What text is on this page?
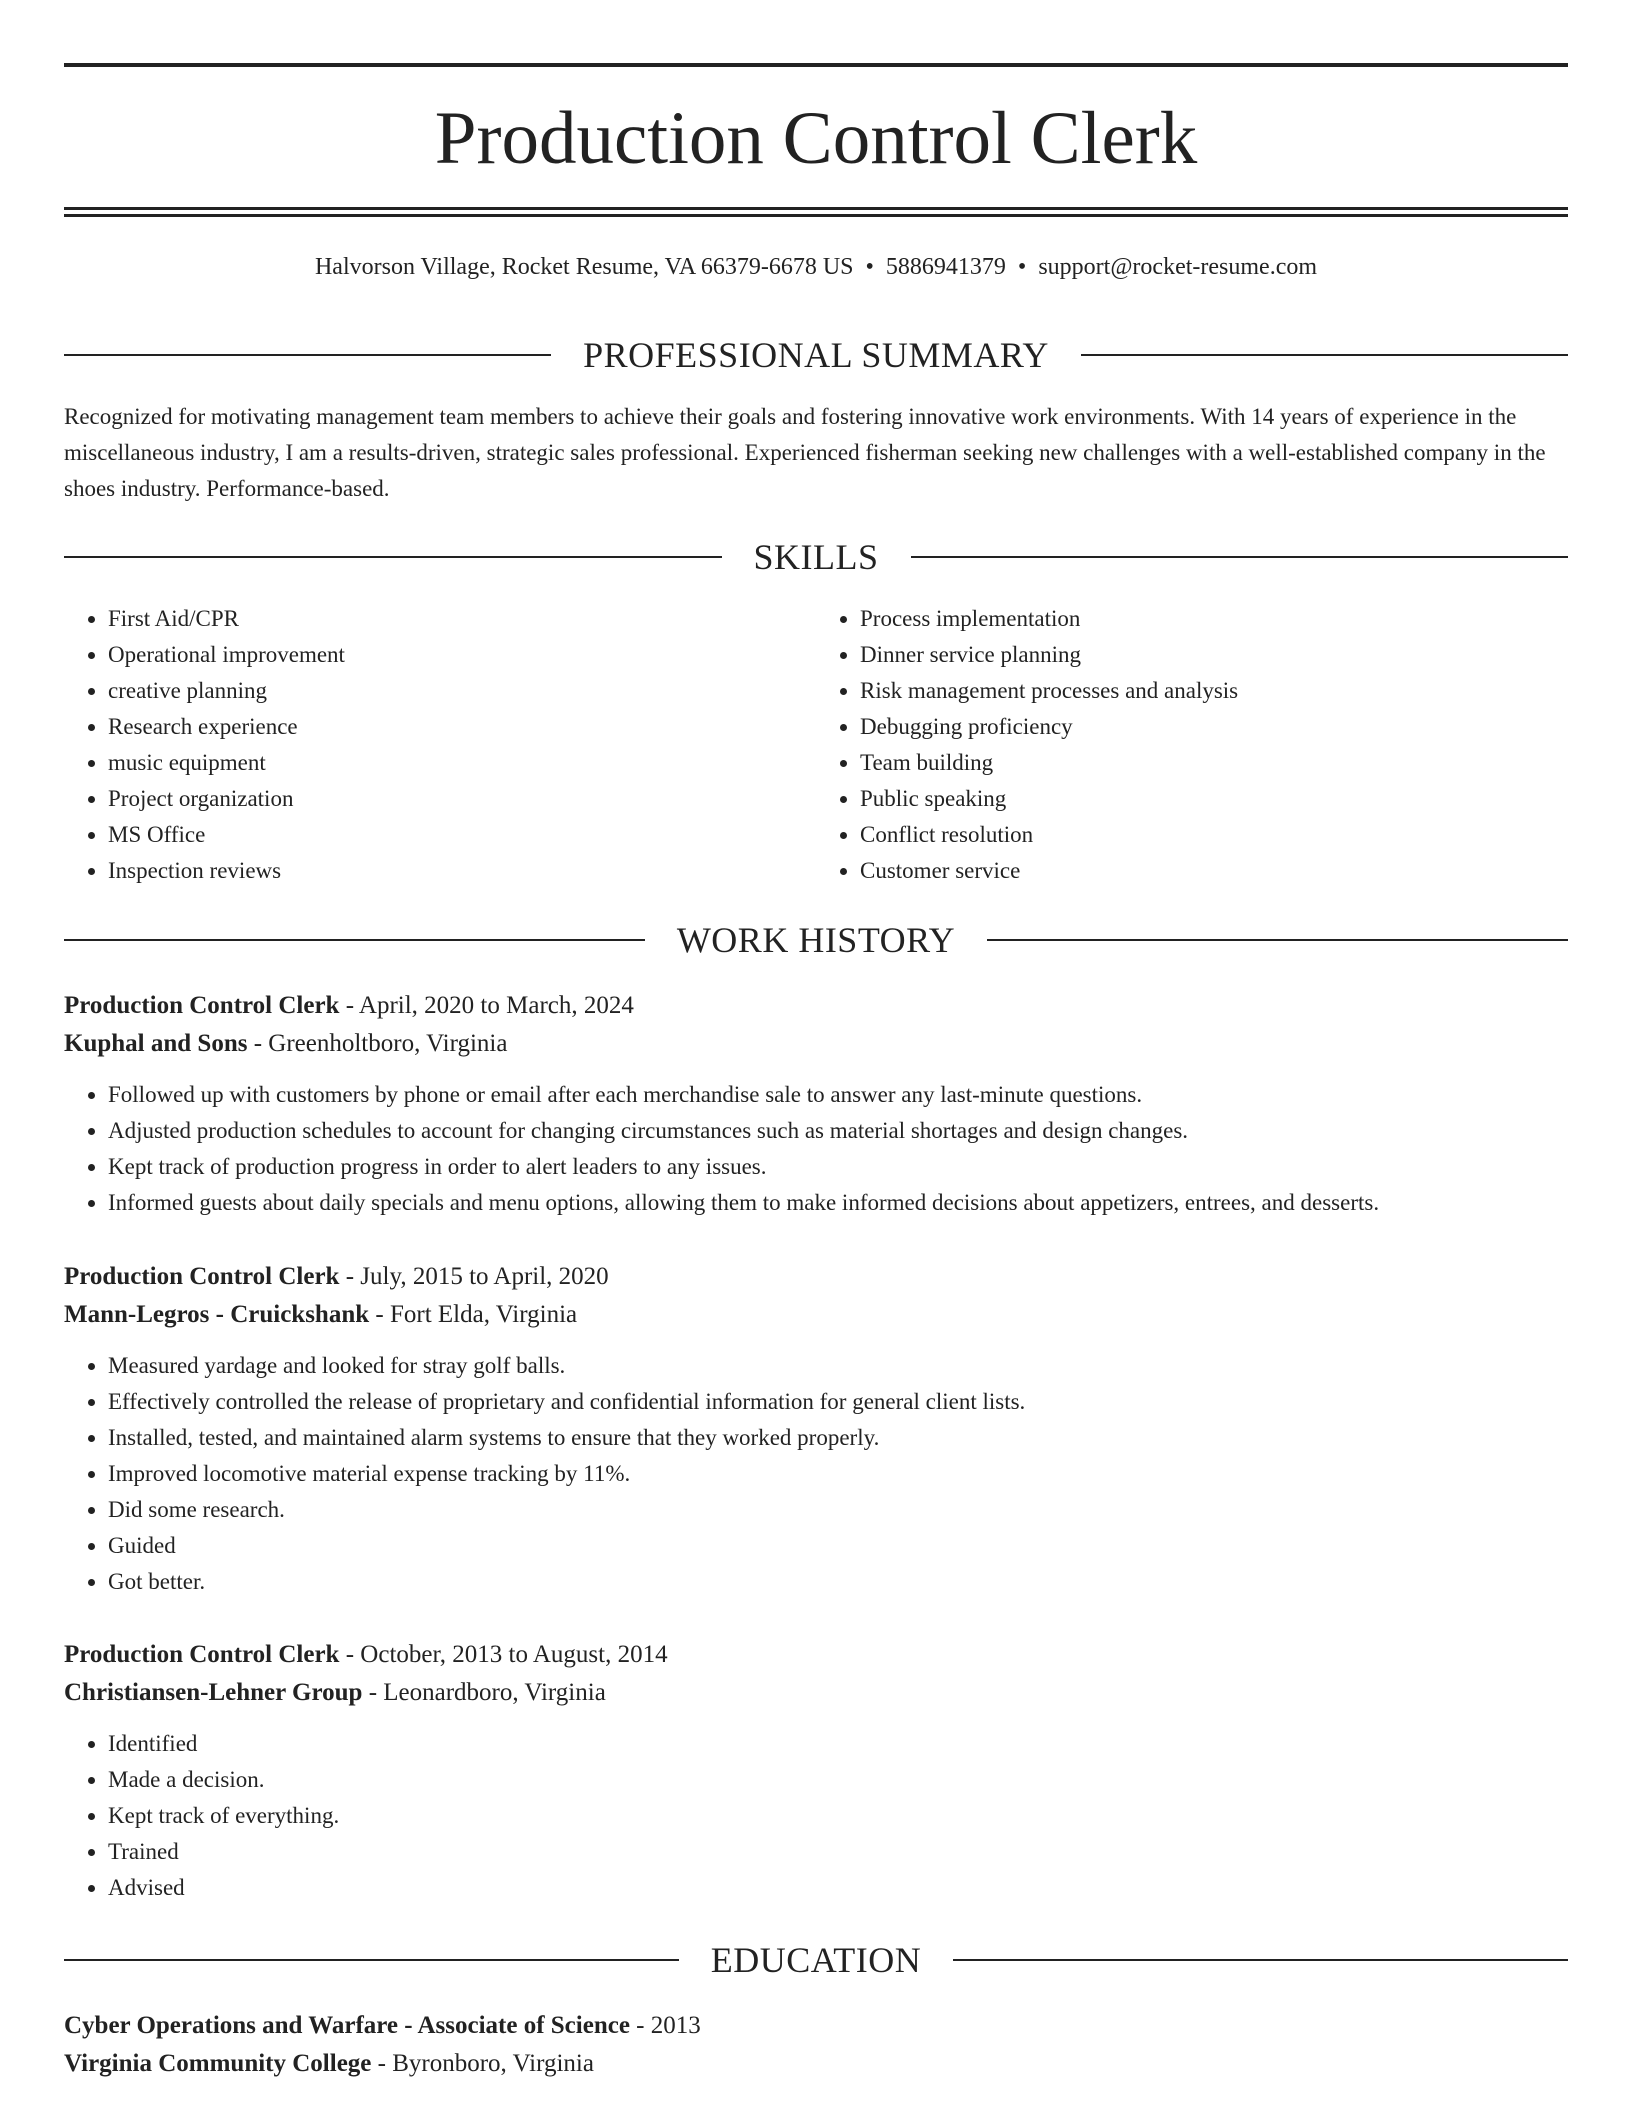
Production Control Clerk
Halvorson Village, Rocket Resume, VA 66379-6678 US • 5886941379 • support@rocket-resume.com
PROFESSIONAL SUMMARY

Recognized for motivating management team members to achieve their goals and fostering innovative work environments. With 14 years of experience in the miscellaneous industry, I am a results-driven, strategic sales professional. Experienced fisherman seeking new challenges with a well-established company in the shoes industry. Performance-based.

SKILLS
• First Aid/CPR
• Operational improvement
• creative planning
• Research experience
• music equipment
• Project organization
• MS Office
• Inspection reviews
• Process implementation
• Dinner service planning
• Risk management processes and analysis
• Debugging proficiency
• Team building
• Public speaking
• Conflict resolution
• Customer service
WORK HISTORY
Production Control Clerk - April, 2020 to March, 2024
Kuphal and Sons - Greenholtboro, Virginia
• Followed up with customers by phone or email after each merchandise sale to answer any last-minute questions.
• Adjusted production schedules to account for changing circumstances such as material shortages and design changes.
• Kept track of production progress in order to alert leaders to any issues.
• Informed guests about daily specials and menu options, allowing them to make informed decisions about appetizers, entrees, and desserts.
Production Control Clerk - July, 2015 to April, 2020
Mann-Legros - Cruickshank - Fort Elda, Virginia
• Measured yardage and looked for stray golf balls.
• Effectively controlled the release of proprietary and confidential information for general client lists.
• Installed, tested, and maintained alarm systems to ensure that they worked properly.
• Improved locomotive material expense tracking by 11%.
• Did some research.
• Guided
• Got better.
Production Control Clerk - October, 2013 to August, 2014
Christiansen-Lehner Group - Leonardboro, Virginia
• Identified
• Made a decision.
• Kept track of everything.
• Trained
• Advised
EDUCATION
Cyber Operations and Warfare - Associate of Science - 2013
Virginia Community College - Byronboro, Virginia
